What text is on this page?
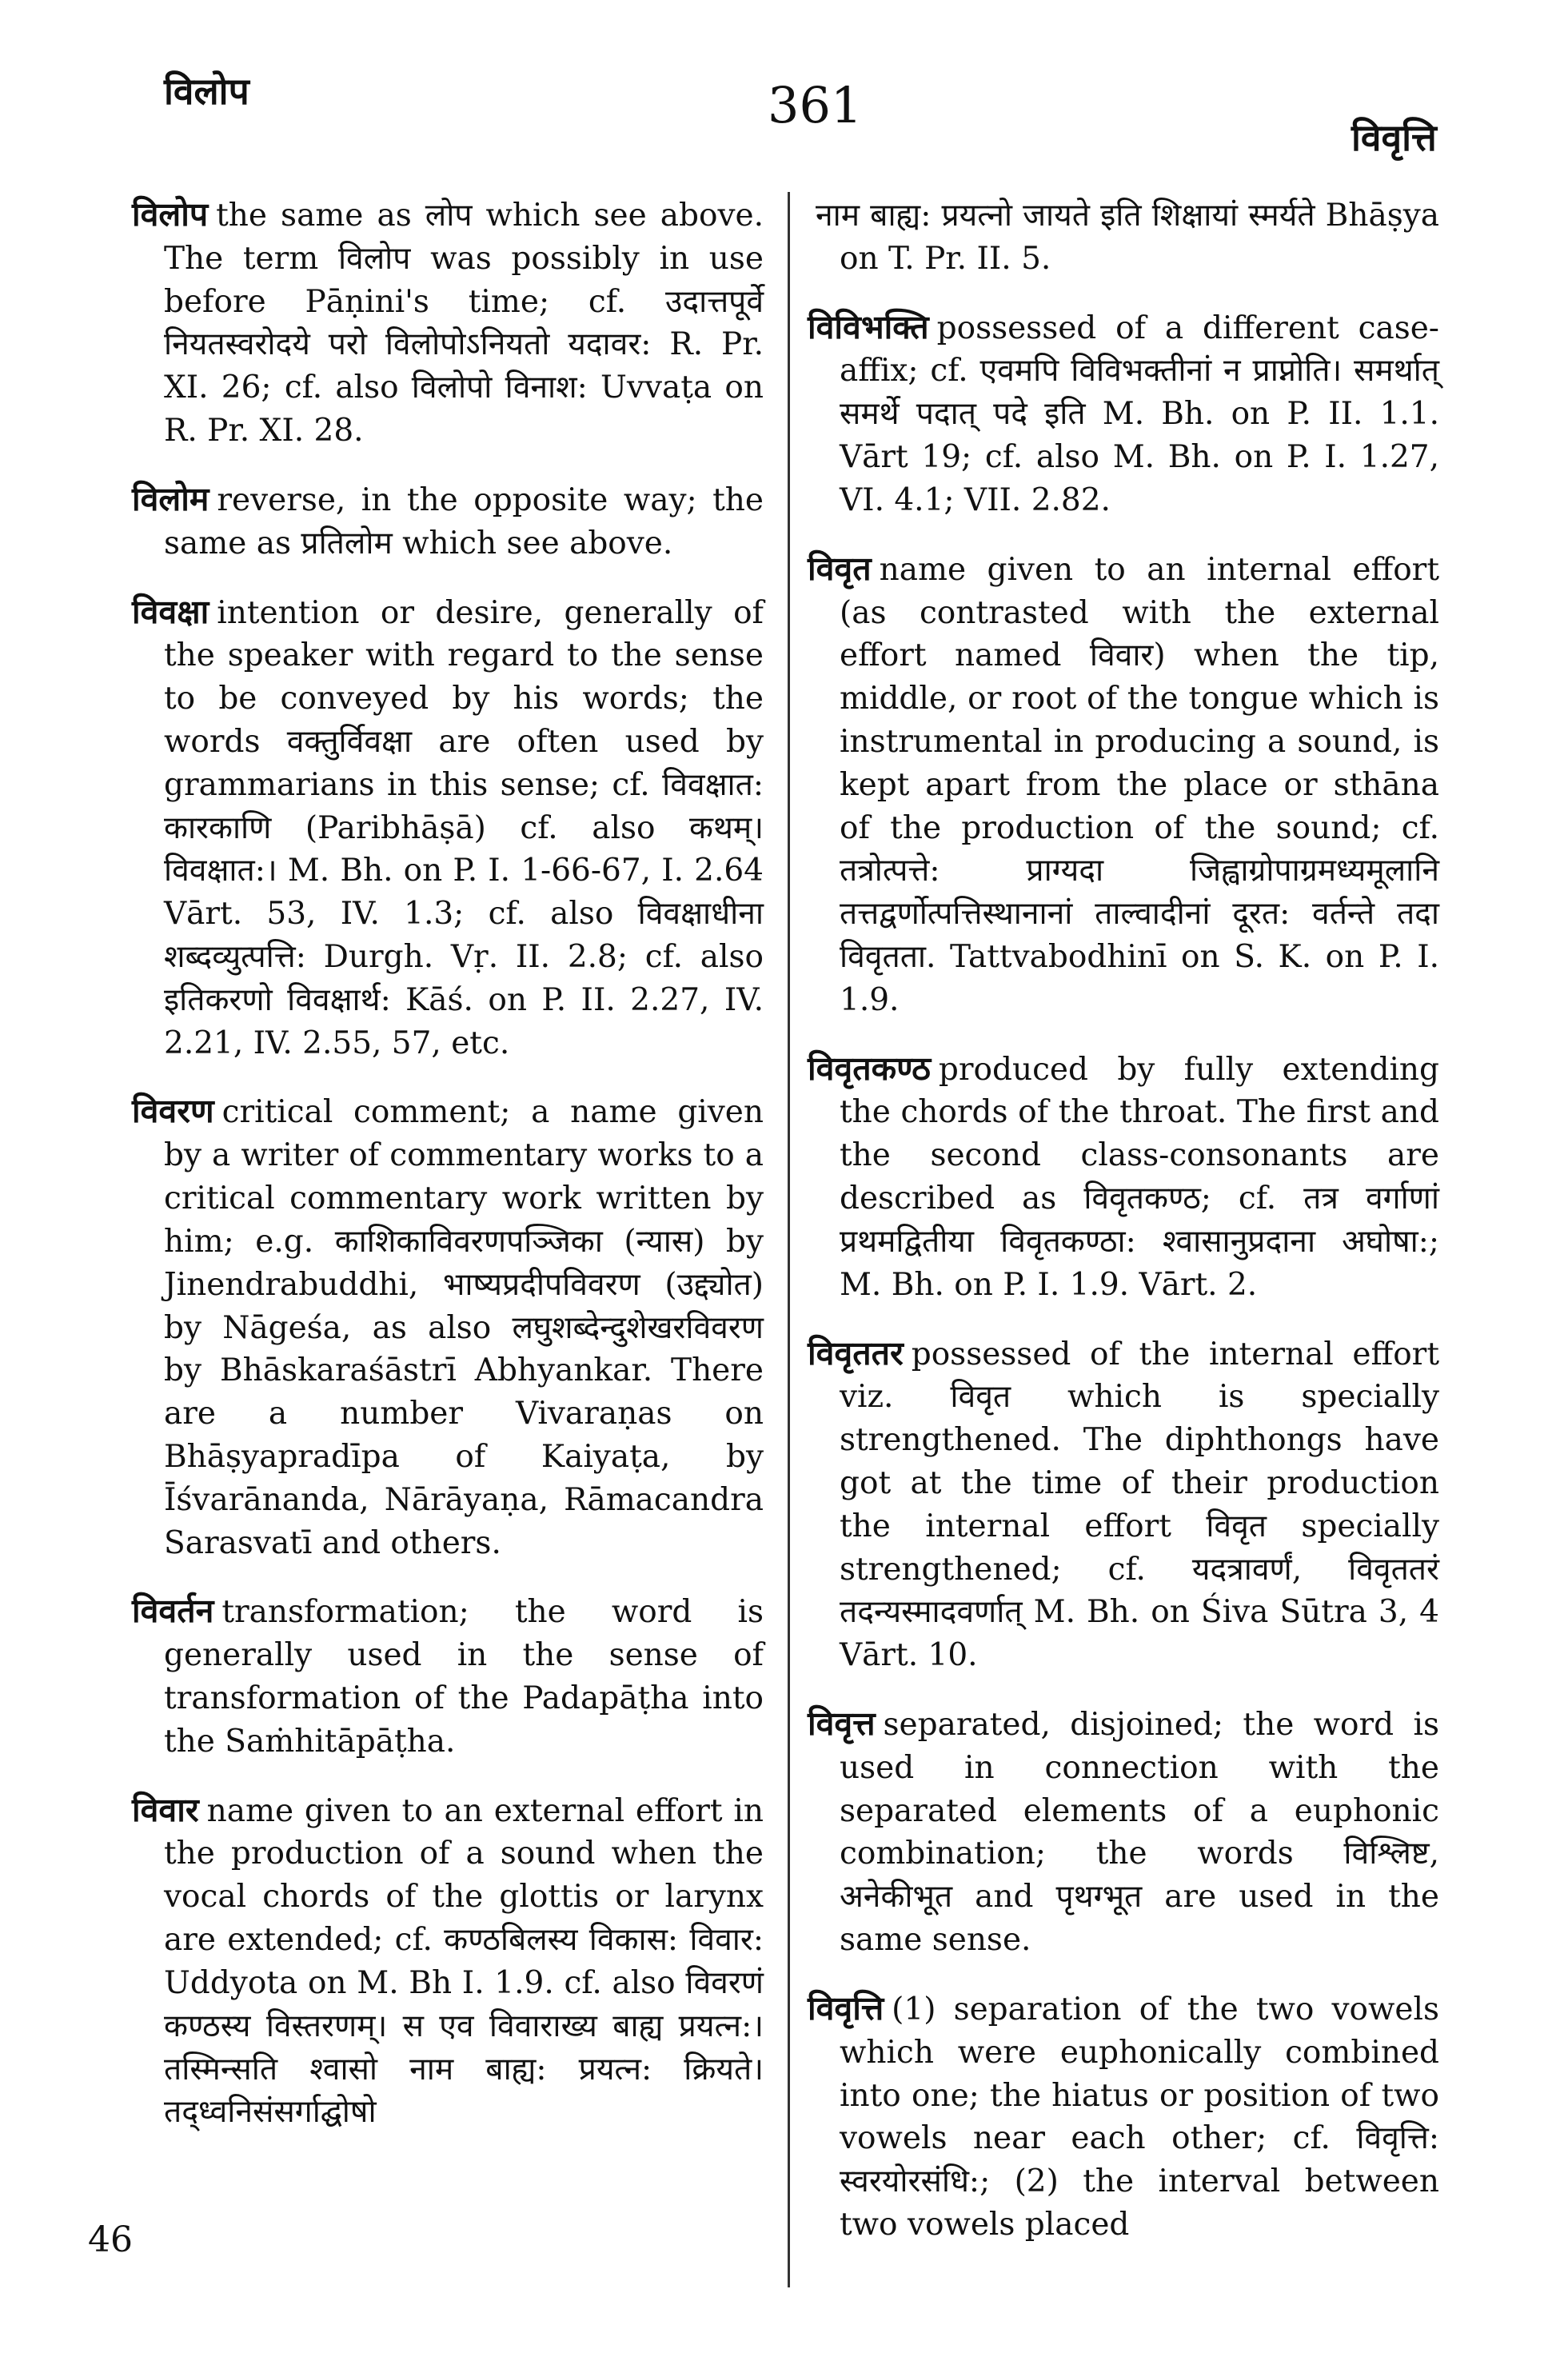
विलोप	361
विवृत्ति

विलोप the same as लोप which see above. The term विलोप was possibly in use before Pāṇini's time; cf. उदात्तपूर्वे नियतस्वरोदये परो विलोपोऽनियतो यदावर: R. Pr. XI. 26; cf. also विलोपो विनाश: Uvvaṭa on R. Pr. XI. 28.

विलोम reverse, in the opposite way; the same as प्रतिलोम which see above.

विवक्षा intention or desire, generally of the speaker with regard to the sense to be conveyed by his words; the words वक्तुर्विवक्षा are often used by grammarians in this sense; cf. विवक्षात: कारकाणि (Paribhāṣā) cf. also कथम्। विवक्षात:। M. Bh. on P. I. 1-66-67, I. 2.64 Vārt. 53, IV. 1.3; cf. also विवक्षाधीना शब्दव्युत्पत्ति: Durgh. Vṛ. II. 2.8; cf. also इतिकरणो विवक्षार्थ: Kāś. on P. II. 2.27, IV. 2.21, IV. 2.55, 57, etc.

विवरण critical comment; a name given by a writer of commentary works to a critical commentary work written by him; e.g. काशिकाविवरणपञ्जिका (न्यास) by Jinendrabuddhi, भाष्यप्रदीपविवरण (उद्द्योत) by Nāgeśa, as also लघुशब्देन्दुशेखरविवरण by Bhāskaraśāstrī Abhyankar. There are a number Vivaraṇas on Bhāṣyapradīpa of Kaiyaṭa, by Īśvarānanda, Nārāyaṇa, Rāmacandra Sarasvatī and others.

विवर्तन transformation; the word is generally used in the sense of transformation of the Padapāṭha into the Saṁhitāpāṭha.

विवार name given to an external effort in the production of a sound when the vocal chords of the glottis or larynx are extended; cf. कण्ठबिलस्य विकास: विवार: Uddyota on M. Bh I. 1.9. cf. also विवरणं कण्ठस्य विस्तरणम्। स एव विवाराख्य बाह्य प्रयत्न:। तस्मिन्सति श्वासो नाम बाह्य: प्रयत्न: क्रियते। तद्ध्वनिसंसर्गाद्घोषो

नाम बाह्य: प्रयत्नो जायते इति शिक्षायां स्मर्यते Bhāṣya on T. Pr. II. 5.

विविभक्ति possessed of a different case-affix; cf. एवमपि विविभक्तीनां न प्राप्नोति। समर्थात् समर्थे पदात् पदे इति M. Bh. on P. II. 1.1. Vārt 19; cf. also M. Bh. on P. I. 1.27, VI. 4.1; VII. 2.82.

विवृत name given to an internal effort (as contrasted with the external effort named विवार) when the tip, middle, or root of the tongue which is instrumental in producing a sound, is kept apart from the place or sthāna of the production of the sound; cf. तत्रोत्पत्ते: प्राग्यदा जिह्वाग्रोपाग्रमध्यमूलानि तत्तद्वर्णोत्पत्तिस्थानानां ताल्वादीनां दूरत: वर्तन्ते तदा विवृतता. Tattvabodhinī on S. K. on P. I. 1.9.

विवृतकण्ठ produced by fully extending the chords of the throat. The first and the second class-consonants are described as विवृतकण्ठ; cf. तत्र वर्गाणां प्रथमद्वितीया विवृतकण्ठा: श्वासानुप्रदाना अघोषा:; M. Bh. on P. I. 1.9. Vārt. 2.

विवृततर possessed of the internal effort viz. विवृत which is specially strengthened. The diphthongs have got at the time of their production the internal effort विवृत specially strengthened; cf. यदत्रावर्णं, विवृततरं तदन्यस्मादवर्णात् M. Bh. on Śiva Sūtra 3, 4 Vārt. 10.

विवृत्त separated, disjoined; the word is used in connection with the separated elements of a euphonic combination; the words विश्लिष्ट, अनेकीभूत and पृथग्भूत are used in the same sense.

विवृत्ति (1) separation of the two vowels which were euphonically combined into one; the hiatus or position of two vowels near each other; cf. विवृत्ति: स्वरयोरसंधि:; (2) the interval between two vowels placed

46
